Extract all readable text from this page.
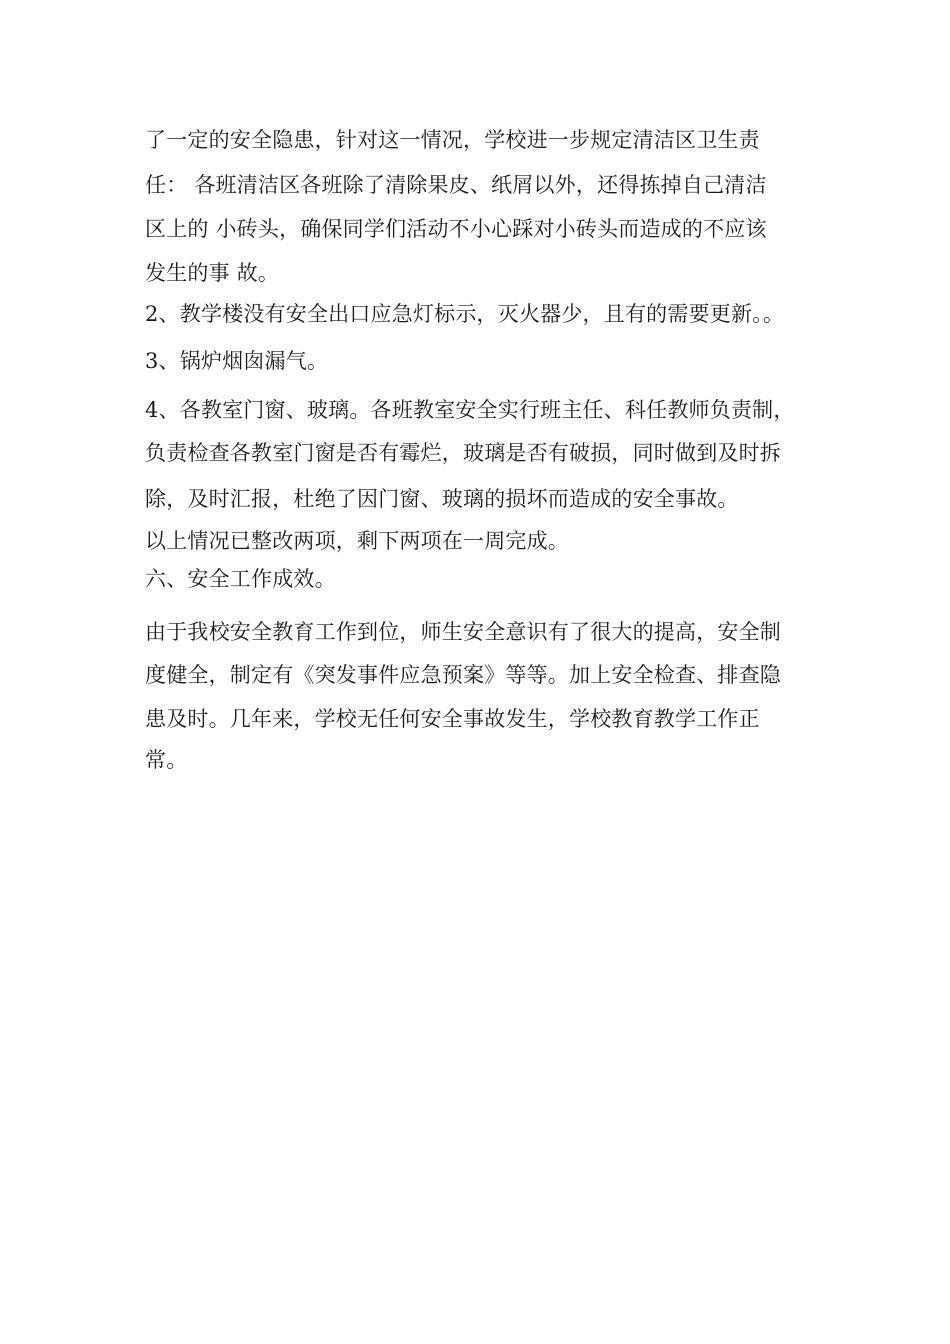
了一定的安全隐患，针对这一情况，学校进一步规定清洁区卫生责
任： 各班清洁区各班除了清除果皮、纸屑以外，还得拣掉自己清洁
区上的 小砖头，确保同学们活动不小心踩对小砖头而造成的不应该
发生的事 故。
2、教学楼没有安全出口应急灯标示，灭火器少，且有的需要更新。。
3、锅炉烟囱漏气。
4、各教室门窗、玻璃。各班教室安全实行班主任、科任教师负责制，
负责检查各教室门窗是否有霉烂，玻璃是否有破损，同时做到及时拆
除，及时汇报，杜绝了因门窗、玻璃的损坏而造成的安全事故。
以上情况已整改两项，剩下两项在一周完成。
六、安全工作成效。
由于我校安全教育工作到位，师生安全意识有了很大的提高，安全制
度健全，制定有《突发事件应急预案》等等。加上安全检查、排查隐
患及时。几年来，学校无任何安全事故发生，学校教育教学工作正
常。
